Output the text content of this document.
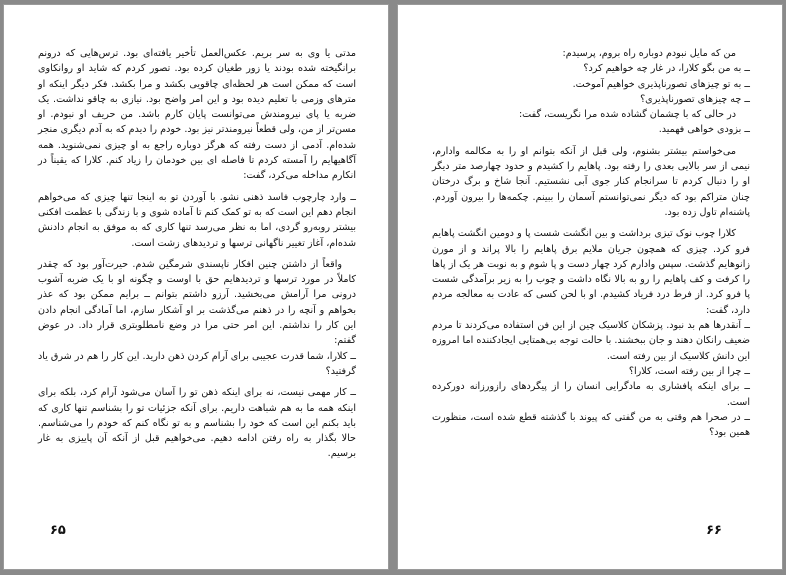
مدتی یا وی به سر بریم. عکس‌العمل تأخیر یافته‌ای بود. ترس‌هایی که درونم برانگیخته شده بودند یا زور طغیان کرده بود. تصور کردم که شاید او روانکاوی است که ممکن است هر لحظه‌ای چاقویی بکشد و مرا بکشد. فکر دیگر اینکه او مترهای وزمی با تعلیم دیده بود و این امر واضح بود. نیازی به چاقو نداشت. یک ضربه یا پای نیرومندش می‌توانست پایان کارم باشد. من حریف او نبودم. او مسن‌تر از من، ولی قطعاً نیرومندتر نیز بود. خودم را دیدم که به آدم دیگری منجر شده‌ام. آدمی از دست رفته که هرگز دوباره راجع به او چیزی نمی‌شنوید. همه‌ آگاهیهایم را آمسته کردم تا فاصله‌ ‌ای بین خودمان را زیاد کنم. کلارا که یقیناً در انکارم مداخله می‌کرد، گفت:

ــ وارد چارچوب فاسد ذهنی نشو. با آوردن تو به اینجا تنها چیزی که می‌خواهم انجام دهم این است که به تو کمک کنم تا آماده شوی و با زندگی با عظمت افکنی بیشتر روبه‌رو گردی، اما به نظر می‌رسد تنها کاری که به موفق به انجام دادنش شده‌ام، آغاز تغییر ناگهانی ترسها و تردیدهای زشت است.

واقعاً از داشتن چنین افکار ناپسندی شرمگین شدم. حیرت‌آور بود که چقدر کاملاً در مورد ترسها و تردیدهایم حق با اوست و چگونه او با یک ضربه آشوب درونی مرا آرامش می‌بخشید. آرزو داشتم بتوانم ــ برایم ممکن بود که عذر بخواهم و آنچه را در ذهنم می‌گذشت بر او آشکار سازم، اما آمادگی انجام دادن این کار را نداشتم. این امر حتی مرا در وضع نامطلوبتری قرار داد. در عوض گفتم:

ــ کلارا، شما قدرت عجیبی برای آرام کردن ذهن دارید. این کار را هم در شرق یاد گرفتید؟

ــ کار مهمی نیست، نه برای اینکه ذهن تو را آسان می‌شود آرام کرد، بلکه برای اینکه همه ما به هم شباهت داریم. برای آنکه جزئیات تو را بشناسم تنها کاری که باید بکنم این است که خود را بشناسم و به تو نگاه کنم که خودم را می‌شناسم. حالا بگذار به راه رفتن ادامه دهیم. می‌خواهیم قبل از آنکه آن پاییزی به غار برسیم.

۶۵

من که مایل نبودم دوباره راه بروم، پرسیدم:

ــ به من بگو کلارا، در غار چه خواهیم کرد؟

ــ به تو چیزهای تصورناپذیری خواهیم آموخت.

ــ چه چیزهای تصورناپذیری؟

در حالی که با چشمان گشاده شده مرا نگریست، گفت:

ــ بزودی خواهی فهمید.

می‌خواستم بیشتر بشنوم، ولی قبل از آنکه بتوانم او را به مکالمه وادارم، نیمی از سر بالایی بعدی را رفته بود. پاهایم را کشیدم و حدود چهارصد متر دیگر او را دنبال کردم تا سرانجام کنار جوی آبی نشستیم. آنجا شاخ و برگ درختان چنان متراکم بود که دیگر نمی‌توانستم آسمان را ببینم. چکمه‌ها را بیرون آوردم. پاشنه‌ام تاول زده بود.

کلارا چوب نوک تیزی برداشت و بین انگشت شست پا و دومین انگشت پاهایم فرو کرد. چیزی که همچون جریان ملایم برق پاهایم را بالا پراند و از مورن زانوهایم گذشت. سپس وادارم کرد چهار دست و پا شوم و به نوبت هر یک از پاها را کرفت و کف پاهایم را رو به بالا نگاه داشت و چوب را به زیر برآمدگی شست پا فرو کرد. از فرط درد فریاد کشیدم. او با لحن کسی که عادت به معالجه مردم دارد، گفت:

ــ آنقدرها هم بد نبود. پزشکان کلاسیک چین از این فن استفاده می‌کردند تا مردم ضعیف رانکان دهند و جان ببخشند. با حالت توجه بی‌همتایی ایجادکننده اما امروزه این دانش کلاسیک از بین رفته است.

ــ چرا از بین رفته است، کلارا؟

ــ برای اینکه پافشاری به مادگرایی انسان را از پیگردهای رازورزانه دورکرده است.

ــ در صحرا هم وقتی به من گفتی که پیوند با گذشته قطع شده است، منظورت همین بود؟

۶۶
